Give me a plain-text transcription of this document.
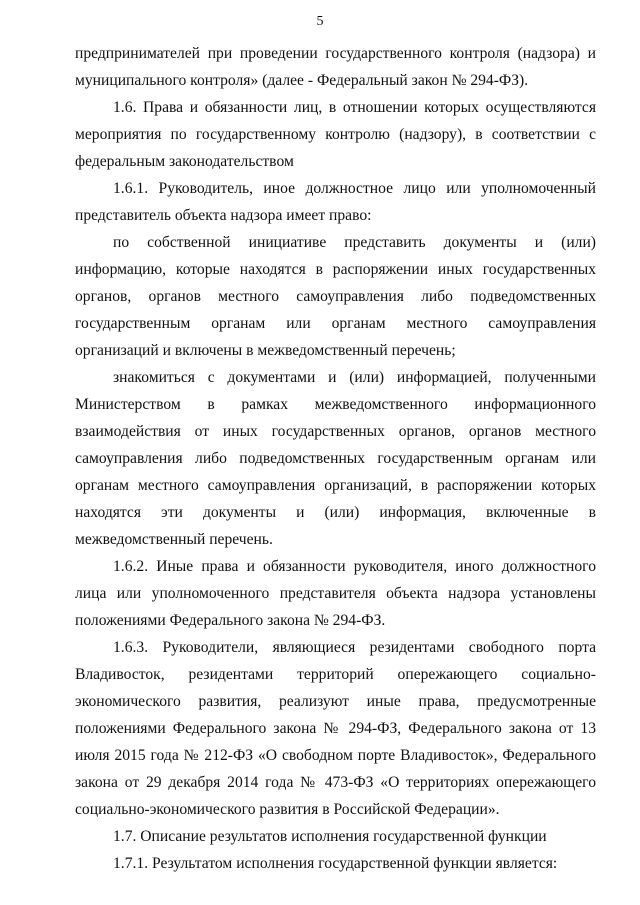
5

предпринимателей при проведении государственного контроля (надзора) и муниципального контроля» (далее - Федеральный закон № 294-ФЗ).

1.6. Права и обязанности лиц, в отношении которых осуществляются мероприятия по государственному контролю (надзору), в соответствии с федеральным законодательством

1.6.1. Руководитель, иное должностное лицо или уполномоченный представитель объекта надзора имеет право:

по собственной инициативе представить документы и (или) информацию, которые находятся в распоряжении иных государственных органов, органов местного самоуправления либо подведомственных государственным органам или органам местного самоуправления организаций и включены в межведомственный перечень;

знакомиться с документами и (или) информацией, полученными Министерством в рамках межведомственного информационного взаимодействия от иных государственных органов, органов местного самоуправления либо подведомственных государственным органам или органам местного самоуправления организаций, в распоряжении которых находятся эти документы и (или) информация, включенные в межведомственный перечень.

1.6.2. Иные права и обязанности руководителя, иного должностного лица или уполномоченного представителя объекта надзора установлены положениями Федерального закона № 294-ФЗ.

1.6.3. Руководители, являющиеся резидентами свободного порта Владивосток, резидентами территорий опережающего социально-экономического развития, реализуют иные права, предусмотренные положениями Федерального закона № 294-ФЗ, Федерального закона от 13 июля 2015 года № 212-ФЗ «О свободном порте Владивосток», Федерального закона от 29 декабря 2014 года № 473-ФЗ «О территориях опережающего социально-экономического развития в Российской Федерации».

1.7. Описание результатов исполнения государственной функции

1.7.1. Результатом исполнения государственной функции является:
